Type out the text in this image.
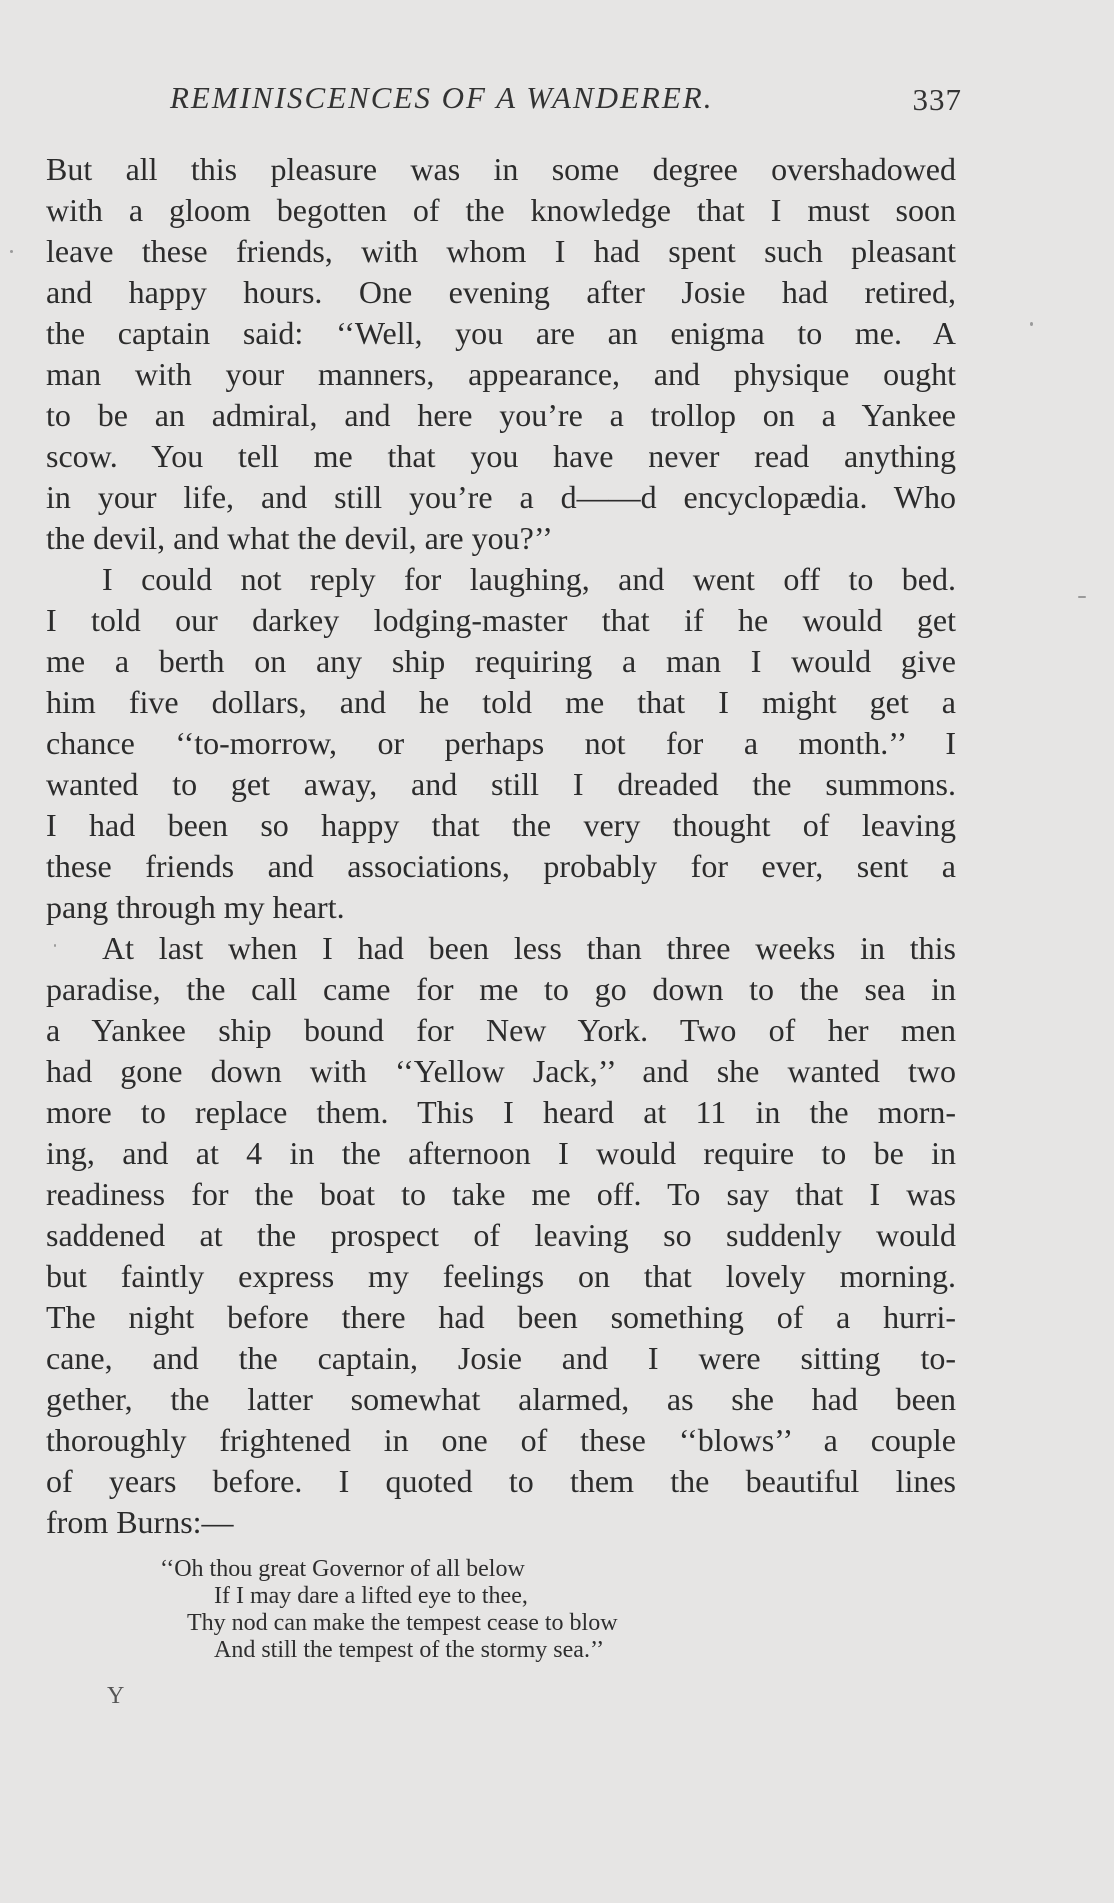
REMINISCENCES OF A WANDERER.	337
But all this pleasure was in some degree overshadowed
with a gloom begotten of the knowledge that I must soon
leave these friends, with whom I had spent such pleasant
and happy hours. One evening after Josie had retired,
the captain said: ‘‘Well, you are an enigma to me. A
man with your manners, appearance, and physique ought
to be an admiral, and here you’re a trollop on a Yankee
scow. You tell me that you have never read anything
in your life, and still you’re a d——d encyclopædia. Who
the devil, and what the devil, are you?’’
I could not reply for laughing, and went off to bed.
I told our darkey lodging-master that if he would get
me a berth on any ship requiring a man I would give
him five dollars, and he told me that I might get a
chance ‘‘to-morrow, or perhaps not for a month.’’ I
wanted to get away, and still I dreaded the summons.
I had been so happy that the very thought of leaving
these friends and associations, probably for ever, sent a
pang through my heart.
At last when I had been less than three weeks in this
paradise, the call came for me to go down to the sea in
a Yankee ship bound for New York. Two of her men
had gone down with ‘‘Yellow Jack,’’ and she wanted two
more to replace them. This I heard at 11 in the morn-
ing, and at 4 in the afternoon I would require to be in
readiness for the boat to take me off. To say that I was
saddened at the prospect of leaving so suddenly would
but faintly express my feelings on that lovely morning.
The night before there had been something of a hurri-
cane, and the captain, Josie and I were sitting to-
gether, the latter somewhat alarmed, as she had been
thoroughly frightened in one of these ‘‘blows’’ a couple
of years before. I quoted to them the beautiful lines
from Burns:—
‘‘Oh thou great Governor of all below
If I may dare a lifted eye to thee,
Thy nod can make the tempest cease to blow
And still the tempest of the stormy sea.’’
Y
